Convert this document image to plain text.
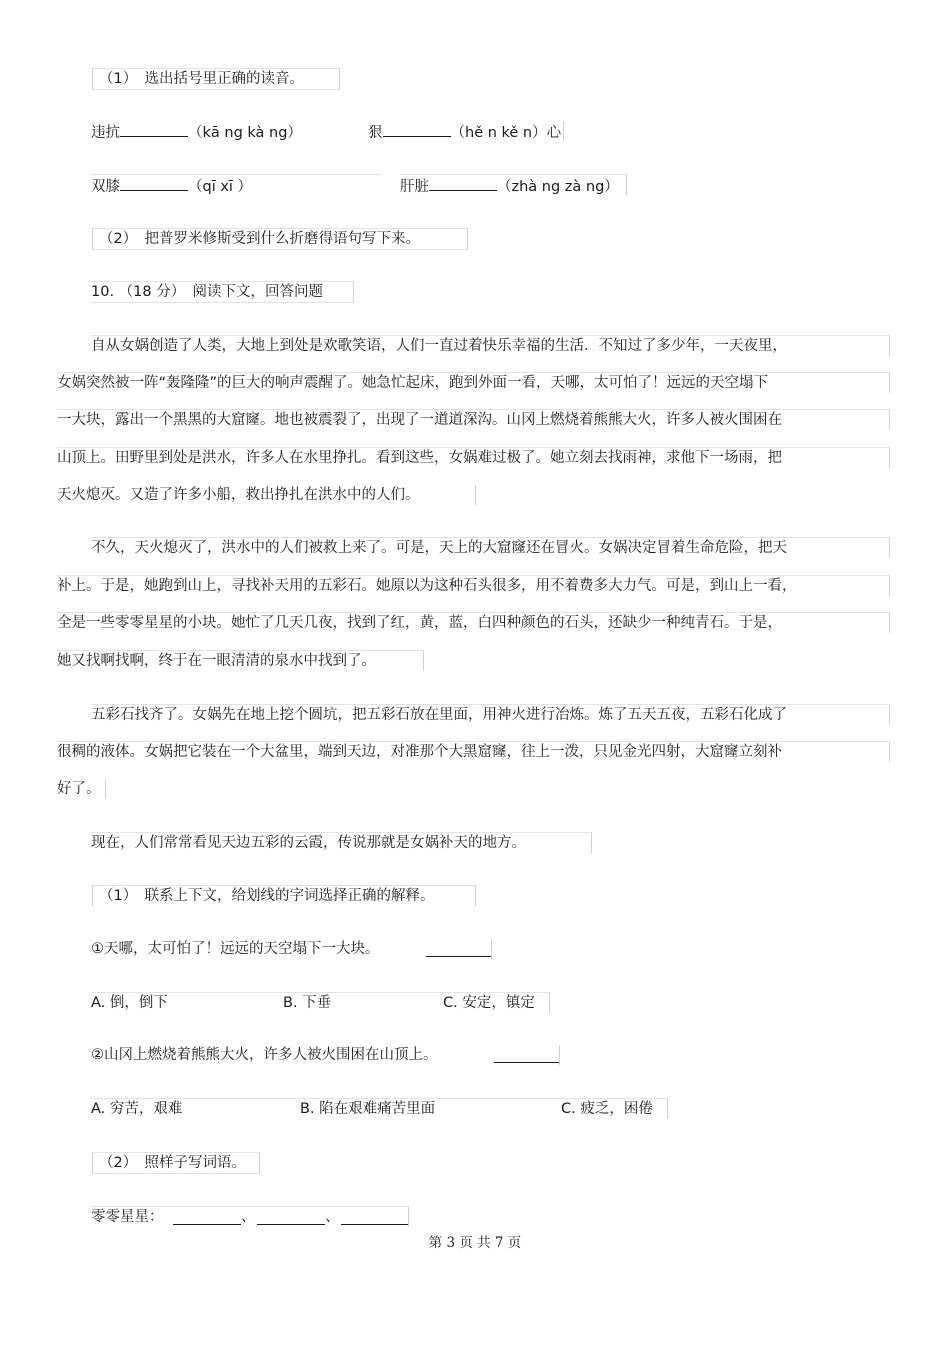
（1）　选出括号里正确的读音。
违抗	（kā ng kà ng）	狠	（hě n kě n）心
双膝	（qī xī ）	肝脏	（zhà ng zà ng）
（2）　把普罗米修斯受到什么折磨得语句写下来。
10. （18 分）　阅读下文，回答问题
自从女娲创造了人类，大地上到处是欢歌笑语，人们一直过着快乐幸福的生活．不知过了多少年，一天夜里，
女娲突然被一阵“轰隆隆”的巨大的响声震醒了。她急忙起床，跑到外面一看，天哪，太可怕了！远远的天空塌下
一大块，露出一个黑黑的大窟窿。地也被震裂了，出现了一道道深沟。山冈上燃烧着熊熊大火，许多人被火围困在
山顶上。田野里到处是洪水，许多人在水里挣扎。看到这些，女娲难过极了。她立刻去找雨神，求他下一场雨，把
天火熄灭。又造了许多小船，救出挣扎在洪水中的人们。
不久，天火熄灭了，洪水中的人们被救上来了。可是，天上的大窟窿还在冒火。女娲决定冒着生命危险，把天
补上。于是，她跑到山上，寻找补天用的五彩石。她原以为这种石头很多，用不着费多大力气。可是，到山上一看，
全是一些零零星星的小块。她忙了几天几夜，找到了红，黄，蓝，白四种颜色的石头，还缺少一种纯青石。于是，
她又找啊找啊，终于在一眼清清的泉水中找到了。
五彩石找齐了。女娲先在地上挖个圆坑，把五彩石放在里面，用神火进行冶炼。炼了五天五夜，五彩石化成了
很稠的液体。女娲把它装在一个大盆里，端到天边，对准那个大黑窟窿，往上一泼，只见金光四射，大窟窿立刻补
好了。
现在，人们常常看见天边五彩的云霞，传说那就是女娲补天的地方。
（1）　联系上下文，给划线的字词选择正确的解释。
①天哪，太可怕了！远远的天空塌下一大块。
A. 倒，倒下	B. 下垂	C. 安定，镇定
②山冈上燃烧着熊熊大火，许多人被火围困在山顶上。
A. 穷苦，艰难	B. 陷在艰难痛苦里面	C. 疲乏，困倦
（2）　照样子写词语。
零零星星：	、	、
第 3 页 共 7 页
